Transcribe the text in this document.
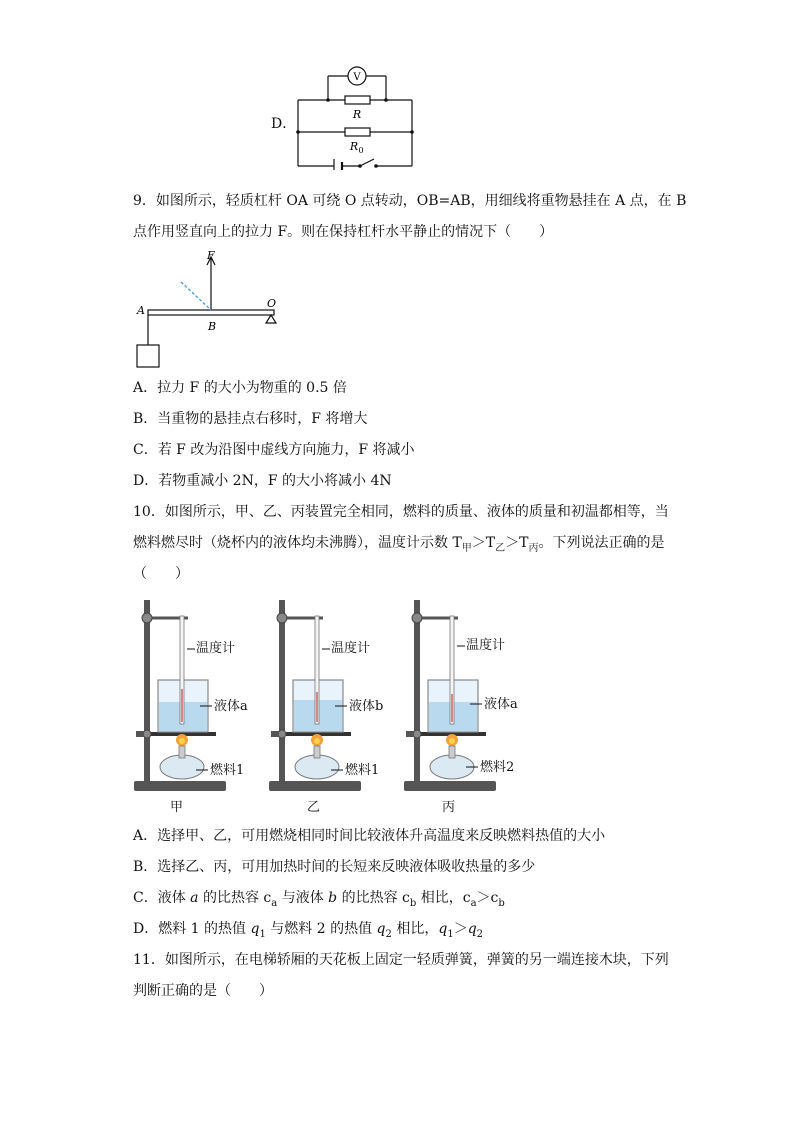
D．
V
R
R 0
9．如图所示，轻质杠杆 OA 可绕 O 点转动，OB=AB，用细线将重物悬挂在 A 点，在 B
点作用竖直向上的拉力 F。则在保持杠杆水平静止的情况下（　　）
F
A
B
O
A．拉力 F 的大小为物重的 0.5 倍
B．当重物的悬挂点右移时，F 将增大
C．若 F 改为沿图中虚线方向施力，F 将减小
D．若物重减小 2N，F 的大小将减小 4N
10．如图所示，甲、乙、丙装置完全相同，燃料的质量、液体的质量和初温都相等，当
燃料燃尽时（烧杯内的液体均未沸腾），温度计示数 $T_甲>T_乙>T_丙$。下列说法正确的是
（　　）
温度计
液体a
燃料1
甲
温度计
液体b
燃料1
乙
温度计
液体a
燃料2
丙
A．选择甲、乙，可用燃烧相同时间比较液体升高温度来反映燃料热值的大小
B．选择乙、丙，可用加热时间的长短来反映液体吸收热量的多少
C．液体 a 的比热容 $c_a$ 与液体 b 的比热容 $c_b$ 相比，$c_a>c_b$
D．燃料 1 的热值 $q_1$ 与燃料 2 的热值 $q_2$ 相比，$q_1>q_2$
11．如图所示，在电梯轿厢的天花板上固定一轻质弹簧，弹簧的另一端连接木块，下列
判断正确的是（　　）
